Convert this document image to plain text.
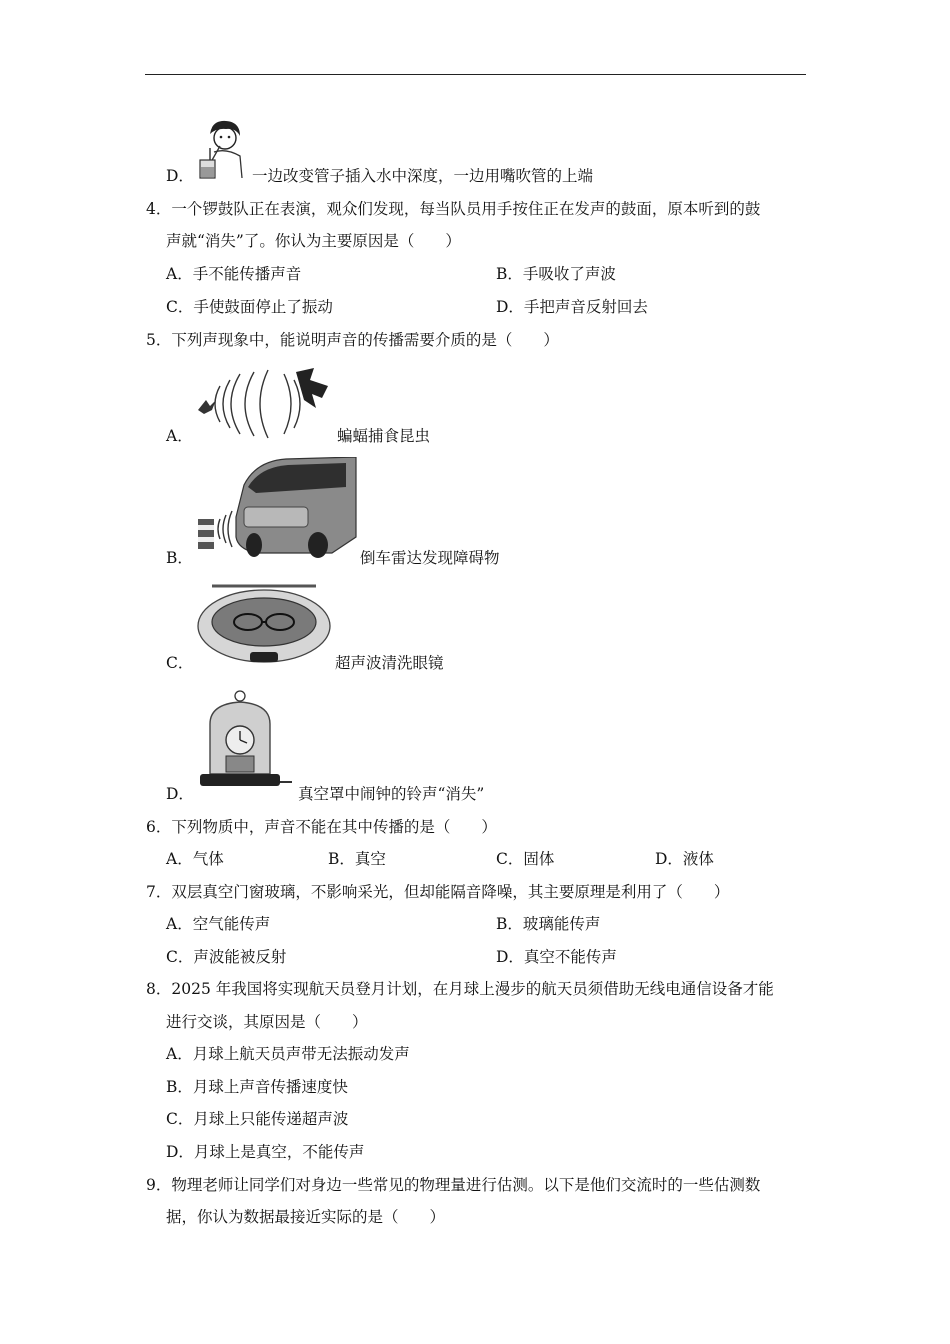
D．	一边改变管子插入水中深度，一边用嘴吹管的上端
4．一个锣鼓队正在表演，观众们发现，每当队员用手按住正在发声的鼓面，原本听到的鼓
声就“消失”了。你认为主要原因是（　　）
A．手不能传播声音	B．手吸收了声波
C．手使鼓面停止了振动	D．手把声音反射回去
5．下列声现象中，能说明声音的传播需要介质的是（　　）
A．	蝙蝠捕食昆虫
B．	倒车雷达发现障碍物
C．	超声波清洗眼镜
D．	真空罩中闹钟的铃声“消失”
6．下列物质中，声音不能在其中传播的是（　　）
A．气体	B．真空	C．固体	D．液体
7．双层真空门窗玻璃，不影响采光，但却能隔音降噪，其主要原理是利用了（　　）
A．空气能传声	B．玻璃能传声
C．声波能被反射	D．真空不能传声
8．2025 年我国将实现航天员登月计划，在月球上漫步的航天员须借助无线电通信设备才能
进行交谈，其原因是（　　）
A．月球上航天员声带无法振动发声
B．月球上声音传播速度快
C．月球上只能传递超声波
D．月球上是真空，不能传声
9．物理老师让同学们对身边一些常见的物理量进行估测。以下是他们交流时的一些估测数
据，你认为数据最接近实际的是（　　）
